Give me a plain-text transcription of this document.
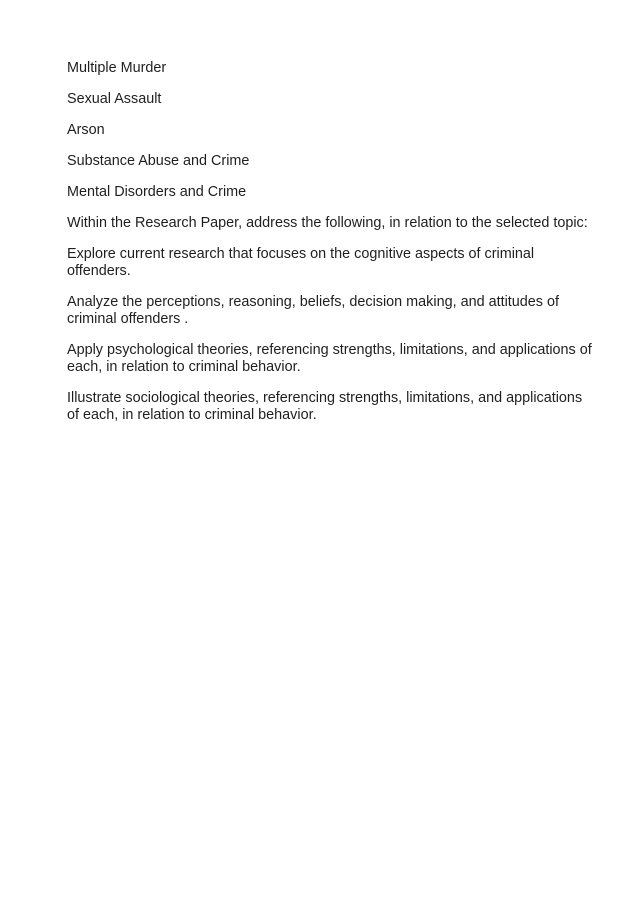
Multiple Murder

Sexual Assault

Arson

Substance Abuse and Crime

Mental Disorders and Crime

Within the Research Paper, address the following, in relation to the selected topic:

Explore current research that focuses on the cognitive aspects of criminal offenders.

Analyze the perceptions, reasoning, beliefs, decision making, and attitudes of criminal offenders .

Apply psychological theories, referencing strengths, limitations, and applications of each, in relation to criminal behavior.

Illustrate sociological theories, referencing strengths, limitations, and applications of each, in relation to criminal behavior.
